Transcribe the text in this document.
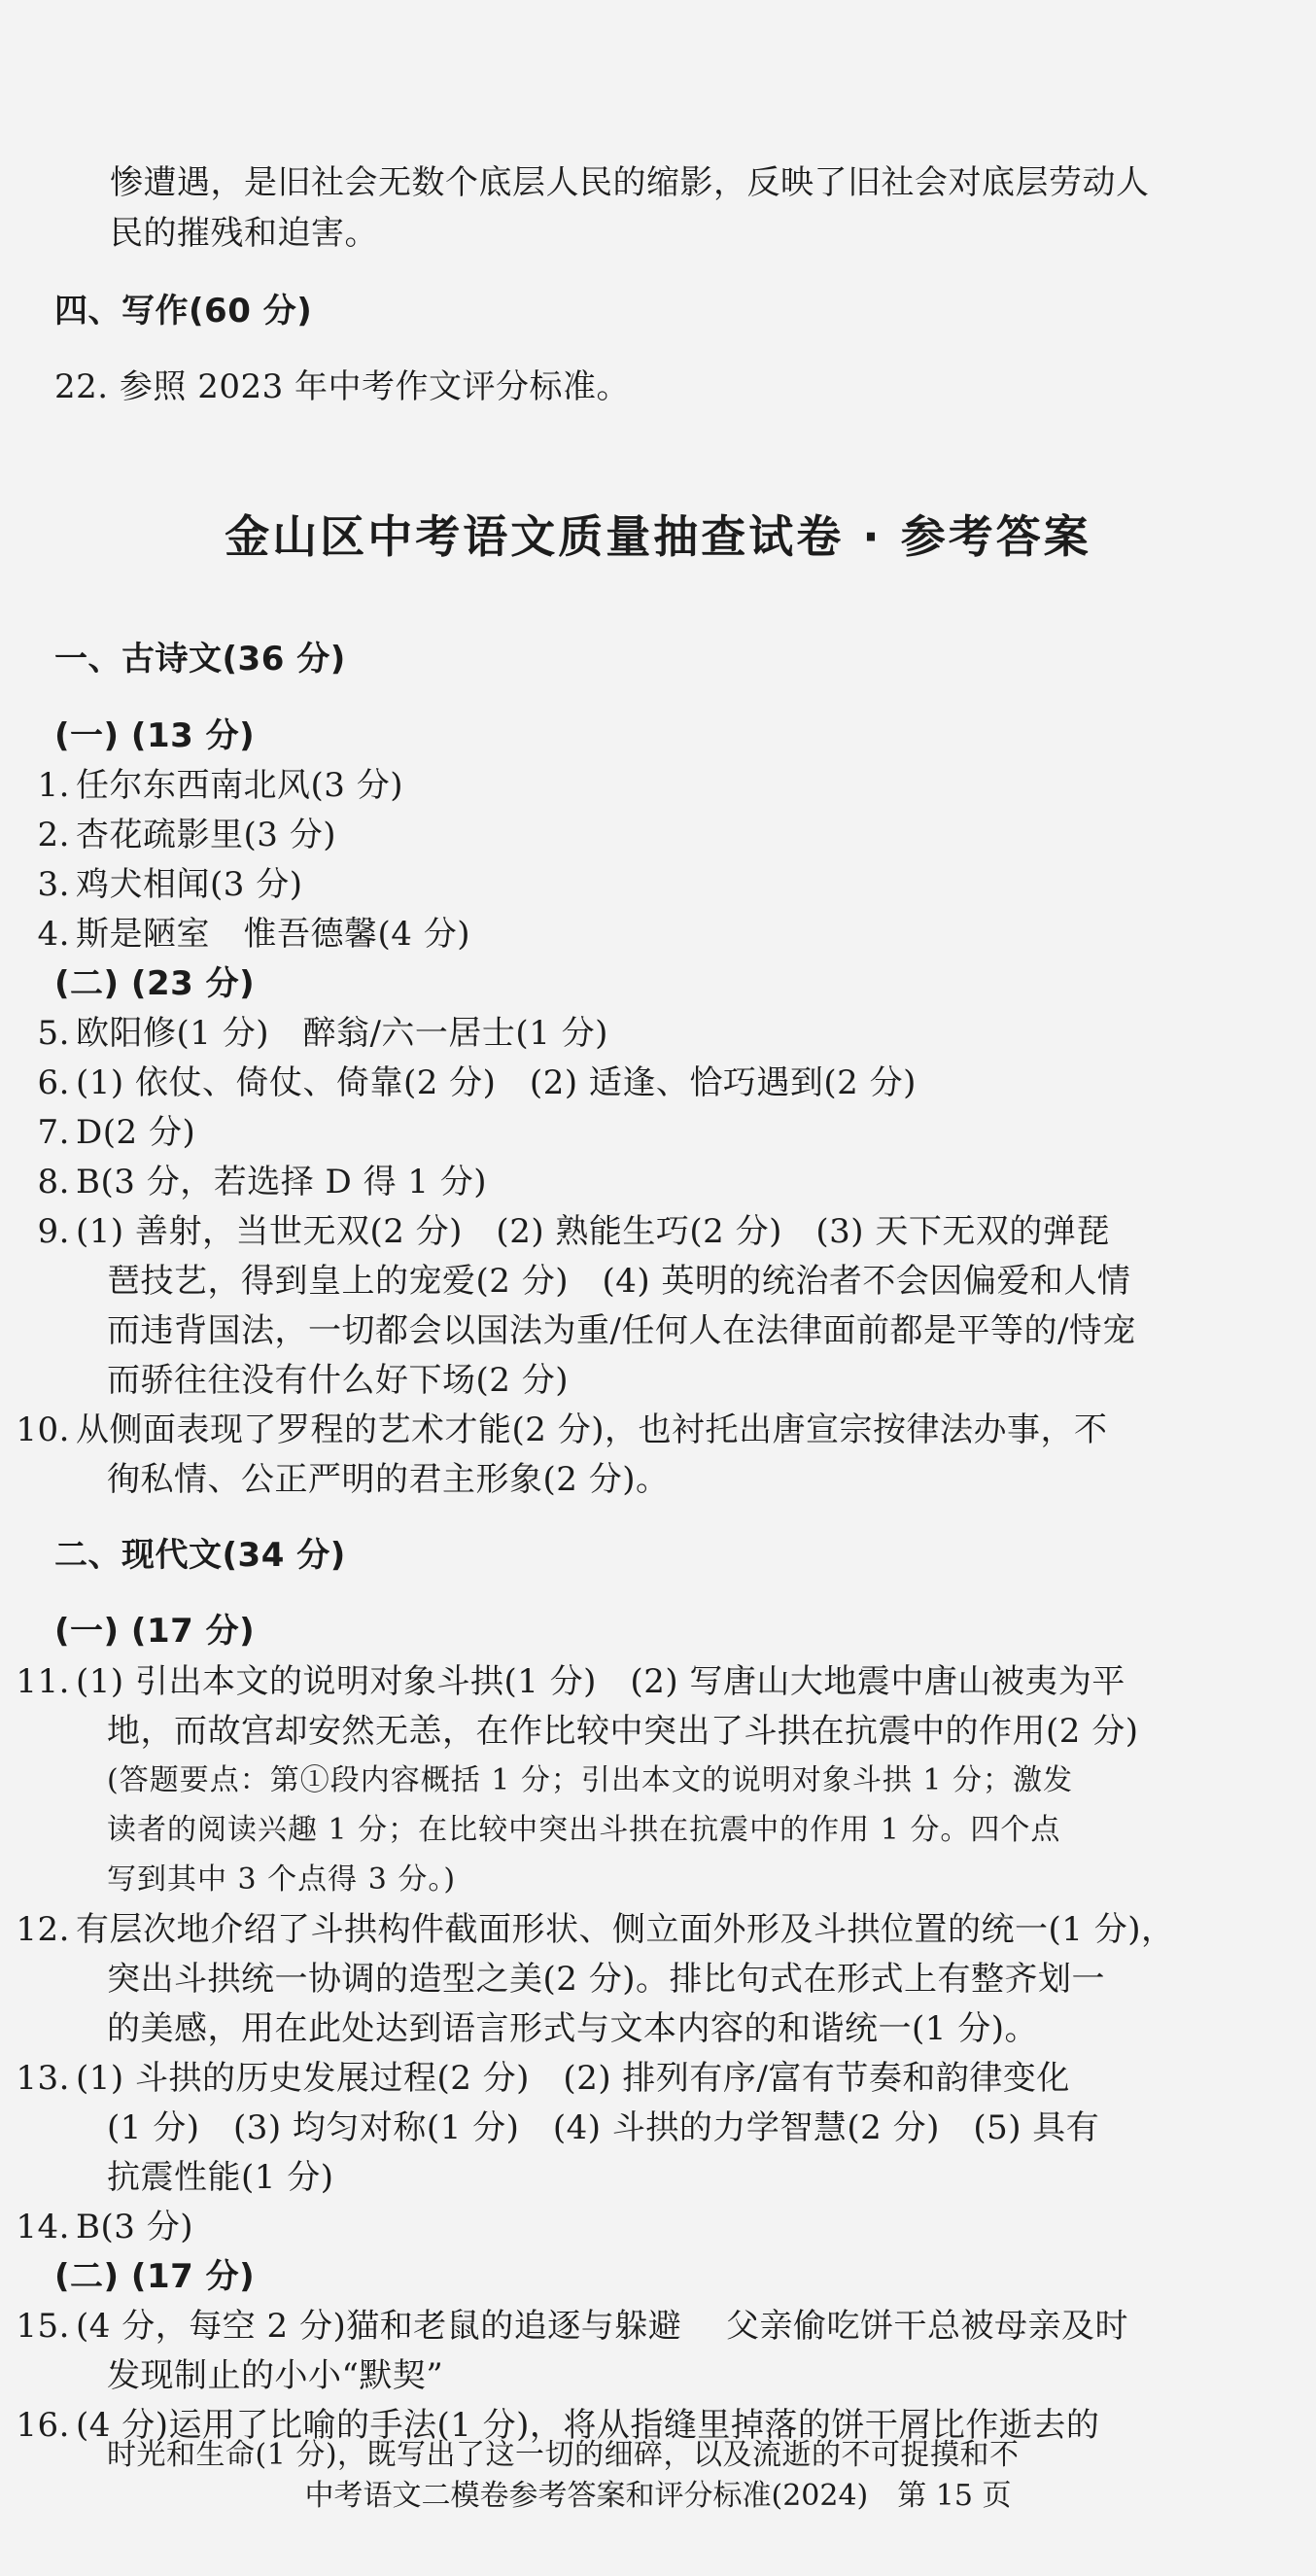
惨遭遇，是旧社会无数个底层人民的缩影，反映了旧社会对底层劳动人
民的摧残和迫害。
四、写作(60 分)
22. 参照 2023 年中考作文评分标准。
金山区中考语文质量抽查试卷 · 参考答案
一、古诗文(36 分)
(一) (13 分)
1. 任尔东西南北风(3 分)
2. 杏花疏影里(3 分)
3. 鸡犬相闻(3 分)
4. 斯是陋室　惟吾德馨(4 分)
(二) (23 分)
5. 欧阳修(1 分)　醉翁/六一居士(1 分)
6. (1) 依仗、倚仗、倚靠(2 分)　(2) 适逢、恰巧遇到(2 分)
7. D(2 分)
8. B(3 分，若选择 D 得 1 分)
9. (1) 善射，当世无双(2 分)　(2) 熟能生巧(2 分)　(3) 天下无双的弹琵
琶技艺，得到皇上的宠爱(2 分)　(4) 英明的统治者不会因偏爱和人情
而违背国法，一切都会以国法为重/任何人在法律面前都是平等的/恃宠
而骄往往没有什么好下场(2 分)
10. 从侧面表现了罗程的艺术才能(2 分)，也衬托出唐宣宗按律法办事，不
徇私情、公正严明的君主形象(2 分)。
二、现代文(34 分)
(一) (17 分)
11. (1) 引出本文的说明对象斗拱(1 分)　(2) 写唐山大地震中唐山被夷为平
地，而故宫却安然无恙，在作比较中突出了斗拱在抗震中的作用(2 分)
(答题要点：第①段内容概括 1 分；引出本文的说明对象斗拱 1 分；激发
读者的阅读兴趣 1 分；在比较中突出斗拱在抗震中的作用 1 分。四个点
写到其中 3 个点得 3 分。)
12. 有层次地介绍了斗拱构件截面形状、侧立面外形及斗拱位置的统一(1 分)，
突出斗拱统一协调的造型之美(2 分)。排比句式在形式上有整齐划一
的美感，用在此处达到语言形式与文本内容的和谐统一(1 分)。
13. (1) 斗拱的历史发展过程(2 分)　(2) 排列有序/富有节奏和韵律变化
(1 分)　(3) 均匀对称(1 分)　(4) 斗拱的力学智慧(2 分)　(5) 具有
抗震性能(1 分)
14. B(3 分)
(二) (17 分)
15. (4 分，每空 2 分)猫和老鼠的追逐与躲避　 父亲偷吃饼干总被母亲及时
发现制止的小小“默契”
16. (4 分)运用了比喻的手法(1 分)，将从指缝里掉落的饼干屑比作逝去的
中考语文二模卷参考答案和评分标准(2024)　第 15 页
时光和生命(1 分)，既写出了这一切的细碎，以及流逝的不可捉摸和不
